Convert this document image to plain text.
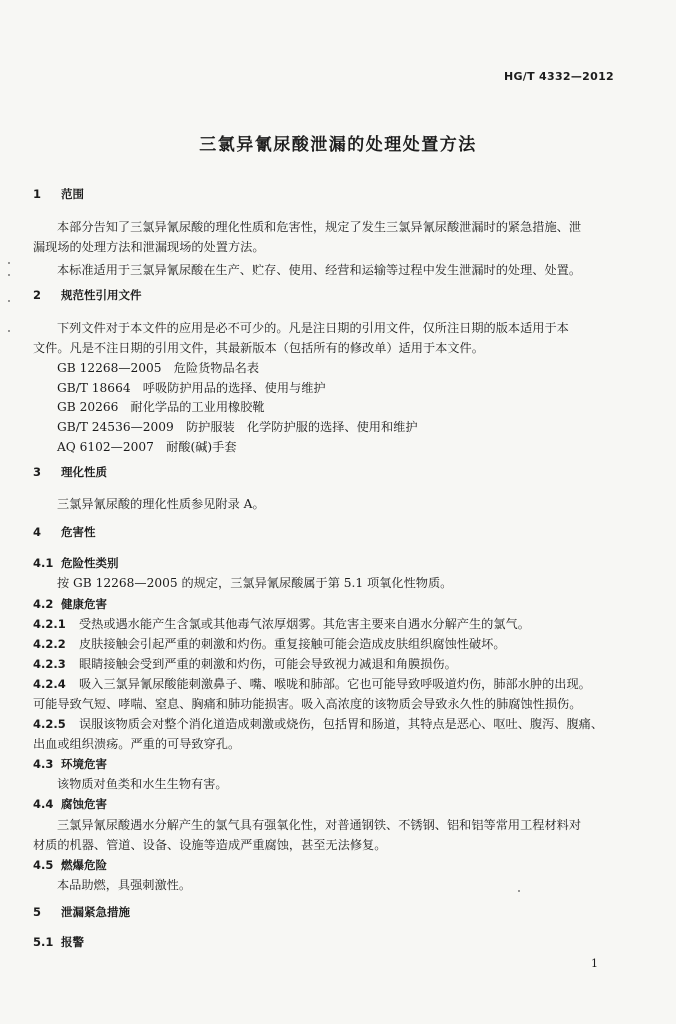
HG/T 4332—2012
三氯异氰尿酸泄漏的处理处置方法
1 范围
本部分告知了三氯异氰尿酸的理化性质和危害性，规定了发生三氯异氰尿酸泄漏时的紧急措施、泄
漏现场的处理方法和泄漏现场的处置方法。
本标准适用于三氯异氰尿酸在生产、贮存、使用、经营和运输等过程中发生泄漏时的处理、处置。
2 规范性引用文件
下列文件对于本文件的应用是必不可少的。凡是注日期的引用文件，仅所注日期的版本适用于本
文件。凡是不注日期的引用文件，其最新版本（包括所有的修改单）适用于本文件。
GB 12268—2005　危险货物品名表
GB/T 18664　呼吸防护用品的选择、使用与维护
GB 20266　耐化学品的工业用橡胶靴
GB/T 24536—2009　防护服装　化学防护服的选择、使用和维护
AQ 6102—2007　耐酸(碱)手套
3 理化性质
三氯异氰尿酸的理化性质参见附录 A。
4 危害性
4.1 危险性类别
按 GB 12268—2005 的规定，三氯异氰尿酸属于第 5.1 项氧化性物质。
4.2 健康危害
4.2.1 受热或遇水能产生含氯或其他毒气浓厚烟雾。其危害主要来自遇水分解产生的氯气。
4.2.2 皮肤接触会引起严重的刺激和灼伤。重复接触可能会造成皮肤组织腐蚀性破坏。
4.2.3 眼睛接触会受到严重的刺激和灼伤，可能会导致视力减退和角膜损伤。
4.2.4 吸入三氯异氰尿酸能刺激鼻子、嘴、喉咙和肺部。它也可能导致呼吸道灼伤，肺部水肿的出现。
可能导致气短、哮喘、窒息、胸痛和肺功能损害。吸入高浓度的该物质会导致永久性的肺腐蚀性损伤。
4.2.5 误服该物质会对整个消化道造成刺激或烧伤，包括胃和肠道，其特点是恶心、呕吐、腹泻、腹痛、
出血或组织溃疡。严重的可导致穿孔。
4.3 环境危害
该物质对鱼类和水生生物有害。
4.4 腐蚀危害
三氯异氰尿酸遇水分解产生的氯气具有强氧化性，对普通钢铁、不锈钢、铝和铝等常用工程材料对
材质的机器、管道、设备、设施等造成严重腐蚀，甚至无法修复。
4.5 燃爆危险
本品助燃，具强刺激性。
5 泄漏紧急措施
5.1 报警
1
